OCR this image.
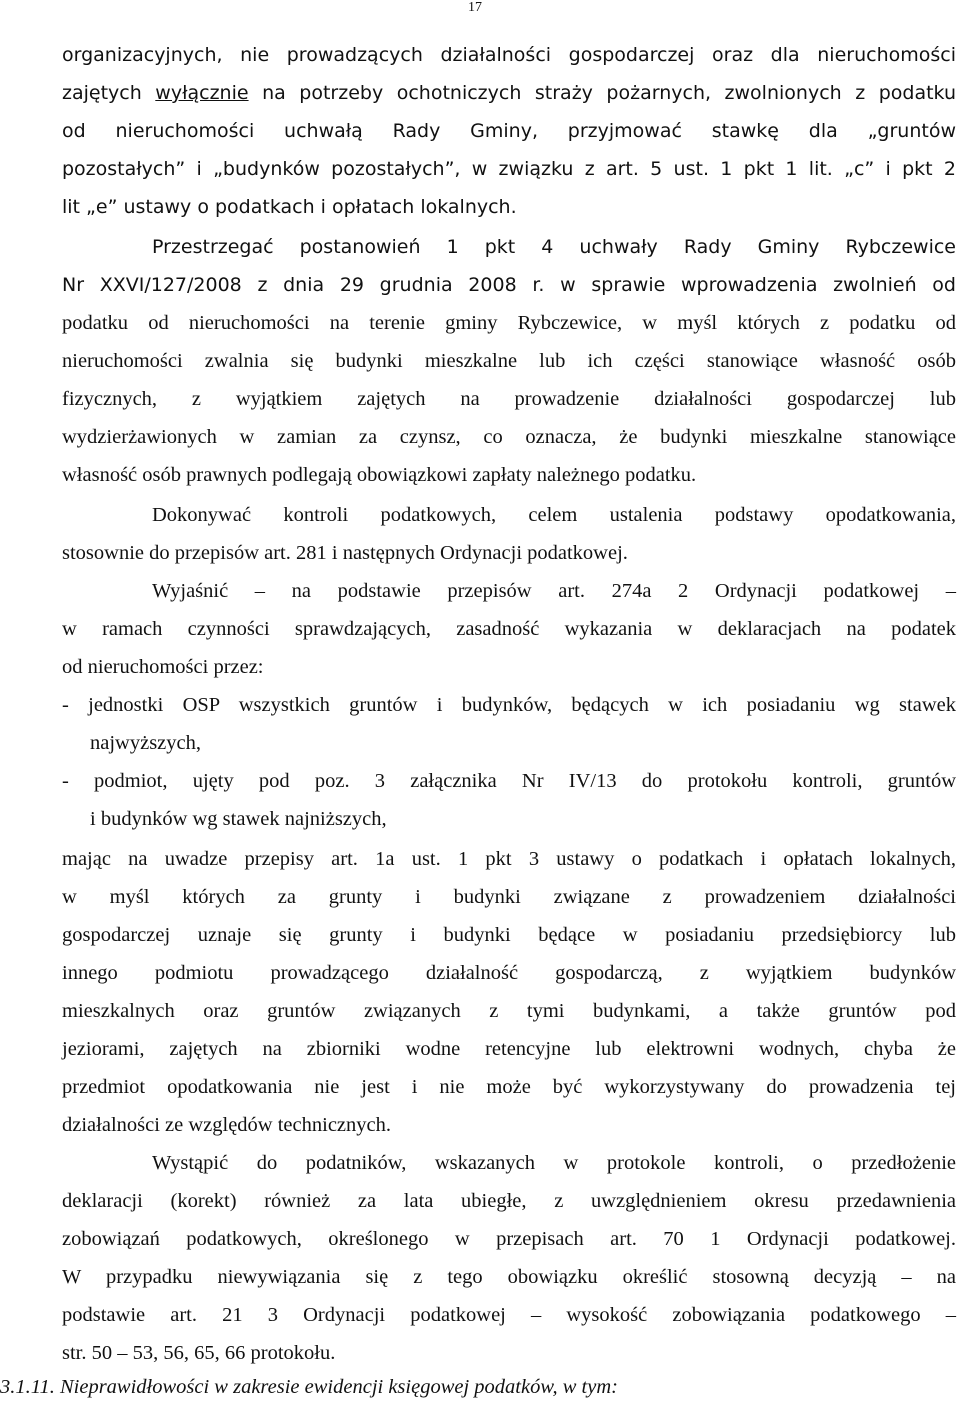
17
organizacyjnych, nie prowadzących działalności gospodarczej oraz dla nieruchomości
zajętych wyłącznie na potrzeby ochotniczych straży pożarnych, zwolnionych z podatku
od nieruchomości uchwałą Rady Gminy, przyjmować stawkę dla „gruntów
pozostałych” i „budynków pozostałych”, w związku z art. 5 ust. 1 pkt 1 lit. „c” i pkt 2
lit „e” ustawy o podatkach i opłatach lokalnych.
Przestrzegać postanowień 1 pkt 4 uchwały Rady Gminy Rybczewice
Nr XXVI/127/2008 z dnia 29 grudnia 2008 r. w sprawie wprowadzenia zwolnień od
podatku od nieruchomości na terenie gminy Rybczewice, w myśl których z podatku od
nieruchomości zwalnia się budynki mieszkalne lub ich części stanowiące własność osób
fizycznych, z wyjątkiem zajętych na prowadzenie działalności gospodarczej lub
wydzierżawionych w zamian za czynsz, co oznacza, że budynki mieszkalne stanowiące
własność osób prawnych podlegają obowiązkowi zapłaty należnego podatku.
Dokonywać kontroli podatkowych, celem ustalenia podstawy opodatkowania,
stosownie do przepisów art. 281 i następnych Ordynacji podatkowej.
Wyjaśnić – na podstawie przepisów art. 274a 2 Ordynacji podatkowej –
w ramach czynności sprawdzających, zasadność wykazania w deklaracjach na podatek
od nieruchomości przez:
- jednostki OSP wszystkich gruntów i budynków, będących w ich posiadaniu wg stawek
najwyższych,
- podmiot, ujęty pod poz. 3 załącznika Nr IV/13 do protokołu kontroli, gruntów
i budynków wg stawek najniższych,
mając na uwadze przepisy art. 1a ust. 1 pkt 3 ustawy o podatkach i opłatach lokalnych,
w myśl których za grunty i budynki związane z prowadzeniem działalności
gospodarczej uznaje się grunty i budynki będące w posiadaniu przedsiębiorcy lub
innego podmiotu prowadzącego działalność gospodarczą, z wyjątkiem budynków
mieszkalnych oraz gruntów związanych z tymi budynkami, a także gruntów pod
jeziorami, zajętych na zbiorniki wodne retencyjne lub elektrowni wodnych, chyba że
przedmiot opodatkowania nie jest i nie może być wykorzystywany do prowadzenia tej
działalności ze względów technicznych.
Wystąpić do podatników, wskazanych w protokole kontroli, o przedłożenie
deklaracji (korekt) również za lata ubiegłe, z uwzględnieniem okresu przedawnienia
zobowiązań podatkowych, określonego w przepisach art. 70 1 Ordynacji podatkowej.
W przypadku niewywiązania się z tego obowiązku określić stosowną decyzją – na
podstawie art. 21 3 Ordynacji podatkowej – wysokość zobowiązania podatkowego –
str. 50 – 53, 56, 65, 66 protokołu.
3.1.11. Nieprawidłowości w zakresie ewidencji księgowej podatków, w tym:
